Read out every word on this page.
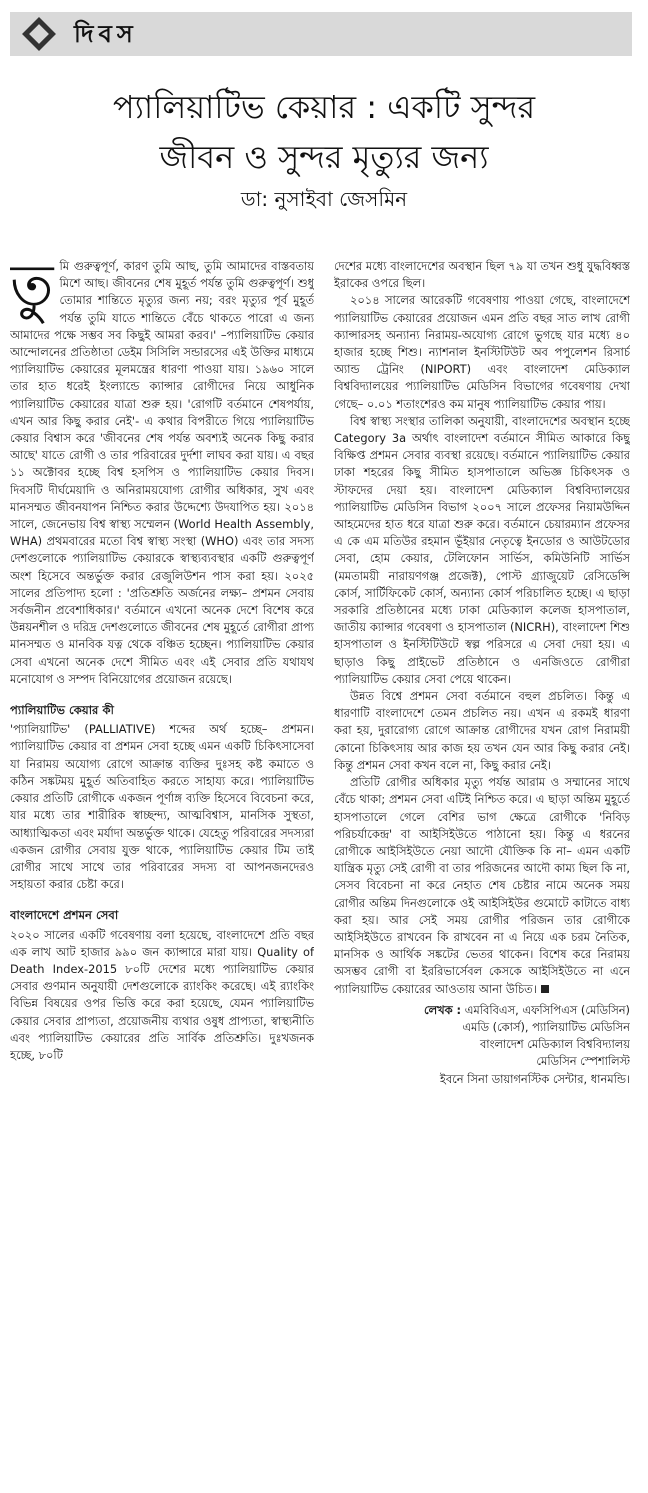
দিবস
প্যালিয়াটিভ কেয়ার : একটি সুন্দর
জীবন ও সুন্দর মৃত্যুর জন্য
ডা: নুসাইবা জেসমিন

তুমি গুরুত্বপূর্ণ, কারণ তুমি আছ, তুমি আমাদের বাস্তবতায় মিশে আছ। জীবনের শেষ মুহূর্ত পর্যন্ত তুমি গুরুত্বপূর্ণ। শুধু তোমার শান্তিতে মৃত্যুর জন্য নয়; বরং মৃত্যুর পূর্ব মুহূর্ত পর্যন্ত তুমি যাতে শান্তিতে বেঁচে থাকতে পারো এ জন্য আমাদের পক্ষে সম্ভব সব কিছুই আমরা করব।' –প্যালিয়াটিভ কেয়ার আন্দোলনের প্রতিষ্ঠাতা ডেইম সিসিলি সন্ডারসের এই উক্তির মাধ্যমে প্যালিয়াটিভ কেয়ারের মূলমন্ত্রের ধারণা পাওয়া যায়। ১৯৬০ সালে তার হাত ধরেই ইংল্যান্ডে ক্যান্সার রোগীদের নিয়ে আধুনিক প্যালিয়াটিভ কেয়ারের যাত্রা শুরু হয়। 'রোগটি বর্তমানে শেষপর্যায়, এখন আর কিছু করার নেই'- এ কথার বিপরীতে গিয়ে প্যালিয়াটিভ কেয়ার বিশ্বাস করে 'জীবনের শেষ পর্যন্ত অবশ্যই অনেক কিছু করার আছে' যাতে রোগী ও তার পরিবারের দুর্দশা লাঘব করা যায়। এ বছর ১১ অক্টোবর হচ্ছে বিশ্ব হসপিস ও প্যালিয়াটিভ কেয়ার দিবস। দিবসটি দীর্ঘমেয়াদি ও অনিরাময়যোগ্য রোগীর অধিকার, সুখ এবং মানসম্মত জীবনযাপন নিশ্চিত করার উদ্দেশ্যে উদযাপিত হয়। ২০১৪ সালে, জেনেভায় বিশ্ব স্বাস্থ্য সম্মেলন (World Health Assembly, WHA) প্রথমবারের মতো বিশ্ব স্বাস্থ্য সংস্থা (WHO) এবং তার সদস্য দেশগুলোকে প্যালিয়াটিভ কেয়ারকে স্বাস্থ্যব্যবস্থার একটি গুরুত্বপূর্ণ অংশ হিসেবে অন্তর্ভুক্ত করার রেজুলিউশন পাস করা হয়। ২০২৫ সালের প্রতিপাদ্য হলো : 'প্রতিশ্রুতি অর্জনের লক্ষ্য– প্রশমন সেবায় সর্বজনীন প্রবেশাধিকার।' বর্তমানে এখনো অনেক দেশে বিশেষ করে উন্নয়নশীল ও দরিদ্র দেশগুলোতে জীবনের শেষ মুহূর্তে রোগীরা প্রাপ্য মানসম্মত ও মানবিক যত্ন থেকে বঞ্চিত হচ্ছেন। প্যালিয়াটিভ কেয়ার সেবা এখনো অনেক দেশে সীমিত এবং এই সেবার প্রতি যথাযথ মনোযোগ ও সম্পদ বিনিয়োগের প্রয়োজন রয়েছে।

প্যালিয়াটিভ কেয়ার কী

'প্যালিয়াটিভ' (PALLIATIVE) শব্দের অর্থ হচ্ছে– প্রশমন। প্যালিয়াটিভ কেয়ার বা প্রশমন সেবা হচ্ছে এমন একটি চিকিৎসাসেবা যা নিরাময় অযোগ্য রোগে আক্রান্ত ব্যক্তির দুঃসহ কষ্ট কমাতে ও কঠিন সঙ্কটময় মুহূর্ত অতিবাহিত করতে সাহায্য করে। প্যালিয়াটিভ কেয়ার প্রতিটি রোগীকে একজন পূর্ণাঙ্গ ব্যক্তি হিসেবে বিবেচনা করে, যার মধ্যে তার শারীরিক স্বাচ্ছন্দ্য, আত্মবিশ্বাস, মানসিক সুস্থতা, আধ্যাত্মিকতা এবং মর্যাদা অন্তর্ভুক্ত থাকে। যেহেতু পরিবারের সদস্যরা একজন রোগীর সেবায় যুক্ত থাকে, প্যালিয়াটিভ কেয়ার টিম তাই রোগীর সাথে সাথে তার পরিবারের সদস্য বা আপনজনদেরও সহায়তা করার চেষ্টা করে।

বাংলাদেশে প্রশমন সেবা

২০২০ সালের একটি গবেষণায় বলা হয়েছে, বাংলাদেশে প্রতি বছর এক লাখ আট হাজার ৯৯০ জন ক্যান্সারে মারা যায়। Quality of Death Index-2015 ৮০টি দেশের মধ্যে প্যালিয়াটিভ কেয়ার সেবার গুণমান অনুযায়ী দেশগুলোকে র‍্যাংকিং করেছে। এই র‍্যাংকিং বিভিন্ন বিষয়ের ওপর ভিত্তি করে করা হয়েছে, যেমন প্যালিয়াটিভ কেয়ার সেবার প্রাপ্যতা, প্রয়োজনীয় ব্যথার ওষুধ প্রাপ্যতা, স্বাস্থ্যনীতি এবং প্যালিয়াটিভ কেয়ারের প্রতি সার্বিক প্রতিশ্রুতি। দুঃখজনক হচ্ছে, ৮০টি

দেশের মধ্যে বাংলাদেশের অবস্থান ছিল ৭৯ যা তখন শুধু যুদ্ধবিধ্বস্ত ইরাকের ওপরে ছিল।

২০১৪ সালের আরেকটি গবেষণায় পাওয়া গেছে, বাংলাদেশে প্যালিয়াটিভ কেয়ারের প্রয়োজন এমন প্রতি বছর সাত লাখ রোগী ক্যান্সারসহ অন্যান্য নিরাময়-অযোগ্য রোগে ভুগছে যার মধ্যে ৪০ হাজার হচ্ছে শিশু। ন্যাশনাল ইনস্টিটিউট অব পপুলেশন রিসার্চ অ্যান্ড ট্রেনিং (NIPORT) এবং বাংলাদেশ মেডিক্যাল বিশ্ববিদ্যালয়ের প্যালিয়াটিভ মেডিসিন বিভাগের গবেষণায় দেখা গেছে– ০.০১ শতাংশেরও কম মানুষ প্যালিয়াটিভ কেয়ার পায়।

বিশ্ব স্বাস্থ্য সংস্থার তালিকা অনুযায়ী, বাংলাদেশের অবস্থান হচ্ছে Category 3a অর্থাৎ বাংলাদেশ বর্তমানে সীমিত আকারে কিছু বিক্ষিপ্ত প্রশমন সেবার ব্যবস্থা রয়েছে। বর্তমানে প্যালিয়াটিভ কেয়ার ঢাকা শহরের কিছু সীমিত হাসপাতালে অভিজ্ঞ চিকিৎসক ও স্টাফদের দেয়া হয়। বাংলাদেশ মেডিক্যাল বিশ্ববিদ্যালয়ের প্যালিয়াটিভ মেডিসিন বিভাগ ২০০৭ সালে প্রফেসর নিয়ামউদ্দিন আহমেদের হাত ধরে যাত্রা শুরু করে। বর্তমানে চেয়ারম্যান প্রফেসর এ কে এম মতিউর রহমান ভূঁইয়ার নেতৃত্বে ইনডোর ও আউটডোর সেবা, হোম কেয়ার, টেলিফোন সার্ভিস, কমিউনিটি সার্ভিস (মমতাময়ী নারায়ণগঞ্জ প্রজেক্ট), পোস্ট গ্র্যাজুয়েট রেসিডেন্সি কোর্স, সার্টিফিকেট কোর্স, অন্যান্য কোর্স পরিচালিত হচ্ছে। এ ছাড়া সরকারি প্রতিষ্ঠানের মধ্যে ঢাকা মেডিক্যাল কলেজ হাসপাতাল, জাতীয় ক্যান্সার গবেষণা ও হাসপাতাল (NICRH), বাংলাদেশ শিশু হাসপাতাল ও ইনস্টিটিউটে স্বল্প পরিসরে এ সেবা দেয়া হয়। এ ছাড়াও কিছু প্রাইভেট প্রতিষ্ঠানে ও এনজিওতে রোগীরা প্যালিয়াটিভ কেয়ার সেবা পেয়ে থাকেন।

উন্নত বিশ্বে প্রশমন সেবা বর্তমানে বহুল প্রচলিত। কিন্তু এ ধারণাটি বাংলাদেশে তেমন প্রচলিত নয়। এখন এ রকমই ধারণা করা হয়, দুরারোগ্য রোগে আক্রান্ত রোগীদের যখন রোগ নিরাময়ী কোনো চিকিৎসায় আর কাজ হয় তখন যেন আর কিছু করার নেই। কিন্তু প্রশমন সেবা কখন বলে না, কিছু করার নেই।

প্রতিটি রোগীর অধিকার মৃত্যু পর্যন্ত আরাম ও সম্মানের সাথে বেঁচে থাকা; প্রশমন সেবা এটিই নিশ্চিত করে। এ ছাড়া অন্তিম মুহূর্তে হাসপাতালে গেলে বেশির ভাগ ক্ষেত্রে রোগীকে 'নিবিড় পরিচর্যাকেন্দ্র' বা আইসিইউতে পাঠানো হয়। কিন্তু এ ধরনের রোগীকে আইসিইউতে নেয়া আদৌ যৌক্তিক কি না– এমন একটি যান্ত্রিক মৃত্যু সেই রোগী বা তার পরিজনের আদৌ কাম্য ছিল কি না, সেসব বিবেচনা না করে নেহাত শেষ চেষ্টার নামে অনেক সময় রোগীর অন্তিম দিনগুলোকে ওই আইসিইউর গুমোটে কাটাতে বাধ্য করা হয়। আর সেই সময় রোগীর পরিজন তার রোগীকে আইসিইউতে রাখবেন কি রাখবেন না এ নিয়ে এক চরম নৈতিক, মানসিক ও আর্থিক সঙ্কটের ভেতর থাকেন। বিশেষ করে নিরাময় অসম্ভব রোগী বা ইররিভার্সেবল কেসকে আইসিইউতে না এনে প্যালিয়াটিভ কেয়ারের আওতায় আনা উচিত।

লেখক : এমবিবিএস, এফসিপিএস (মেডিসিন)
এমডি (কোর্স), প্যালিয়াটিভ মেডিসিন
বাংলাদেশ মেডিক্যাল বিশ্ববিদ্যালয়
মেডিসিন স্পেশালিস্ট
ইবনে সিনা ডায়াগনস্টিক সেন্টার, ধানমন্ডি।
